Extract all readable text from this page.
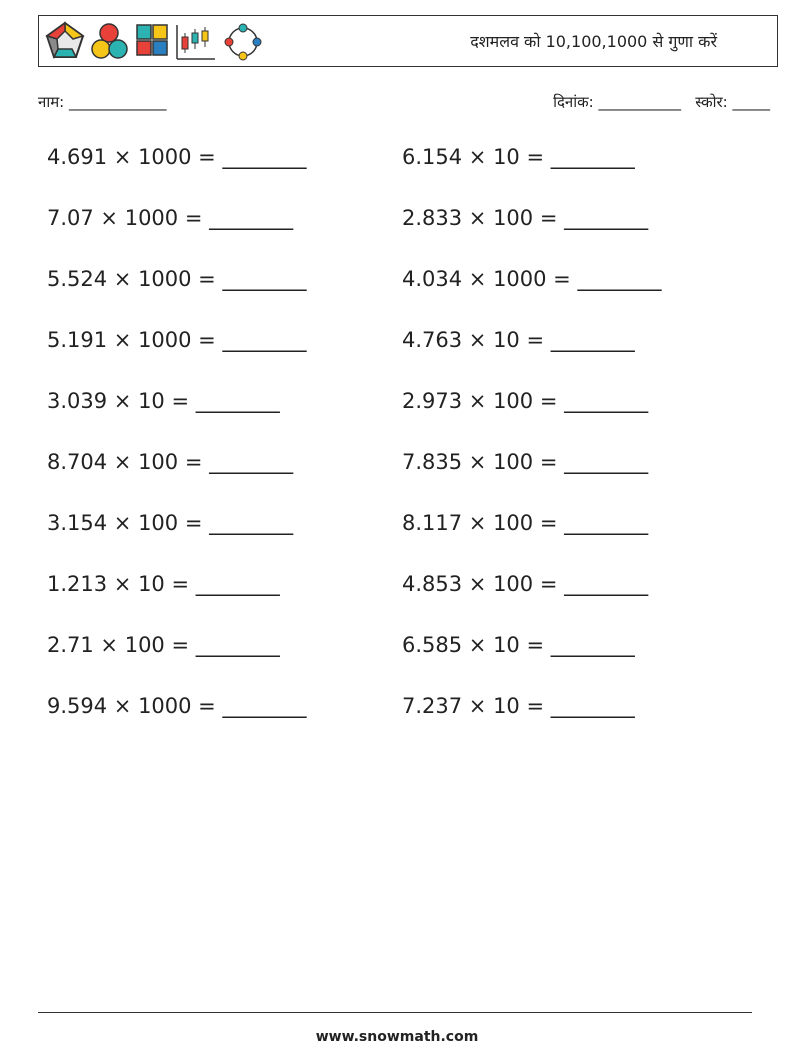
दशमलव को 10,100,1000 से गुणा करें
नाम: _____________	दिनांक: ___________ स्कोर: _____
4.691 × 1000 = ________	6.154 × 10 = ________
7.07 × 1000 = ________	2.833 × 100 = ________
5.524 × 1000 = ________	4.034 × 1000 = ________
5.191 × 1000 = ________	4.763 × 10 = ________
3.039 × 10 = ________	2.973 × 100 = ________
8.704 × 100 = ________	7.835 × 100 = ________
3.154 × 100 = ________	8.117 × 100 = ________
1.213 × 10 = ________	4.853 × 100 = ________
2.71 × 100 = ________	6.585 × 10 = ________
9.594 × 1000 = ________	7.237 × 10 = ________
www.snowmath.com
